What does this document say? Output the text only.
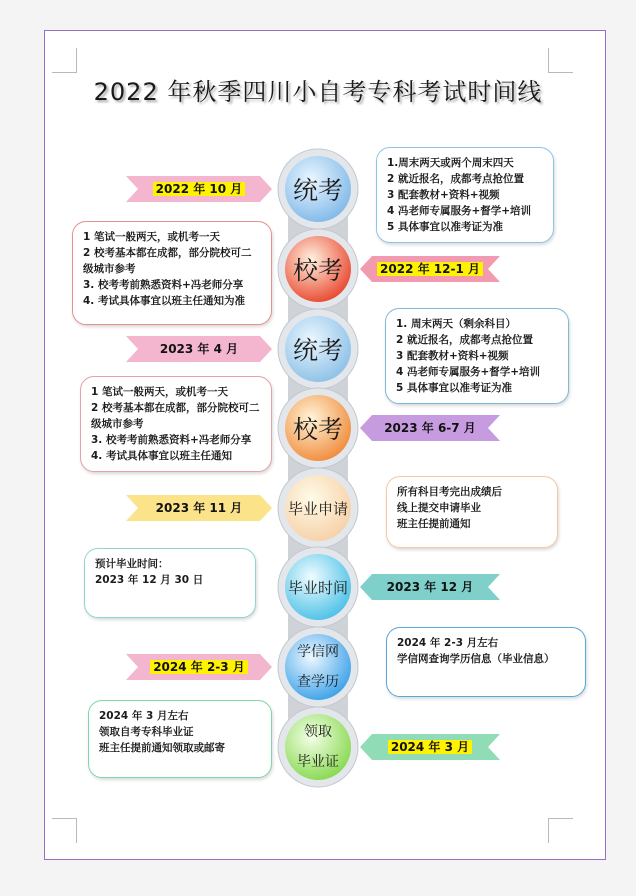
2022 年秋季四川小自考专科考试时间线
2022 年 10 月	统考
1.周末两天或两个周末四天
2 就近报名，成都考点抢位置
3 配套教材+资料+视频
4 冯老师专属服务+督学+培训
5 具体事宜以准考证为准
2022 年 12-1 月
校考
1 笔试一般两天，或机考一天
2 校考基本都在成都，部分院校可二级城市参考
3. 校考考前熟悉资料+冯老师分享
4. 考试具体事宜以班主任通知为准
2023 年 4 月	统考
1. 周末两天（剩余科目）
2 就近报名，成都考点抢位置
3 配套教材+资料+视频
4 冯老师专属服务+督学+培训
5 具体事宜以准考证为准
2023 年 6-7 月
校考
1 笔试一般两天，或机考一天
2 校考基本都在成都，部分院校可二级城市参考
3. 校考考前熟悉资料+冯老师分享
4. 考试具体事宜以班主任通知
2023 年 11 月	毕业申请
所有科目考完出成绩后
线上提交申请毕业
班主任提前通知
2023 年 12 月
毕业时间
预计毕业时间：
2023 年 12 月 30 日
2024 年 2-3 月
学信网
查学历
2024 年 2-3 月左右
学信网查询学历信息（毕业信息）
2024 年 3 月
领取
毕业证
2024 年 3 月左右
领取自考专科毕业证
班主任提前通知领取或邮寄
